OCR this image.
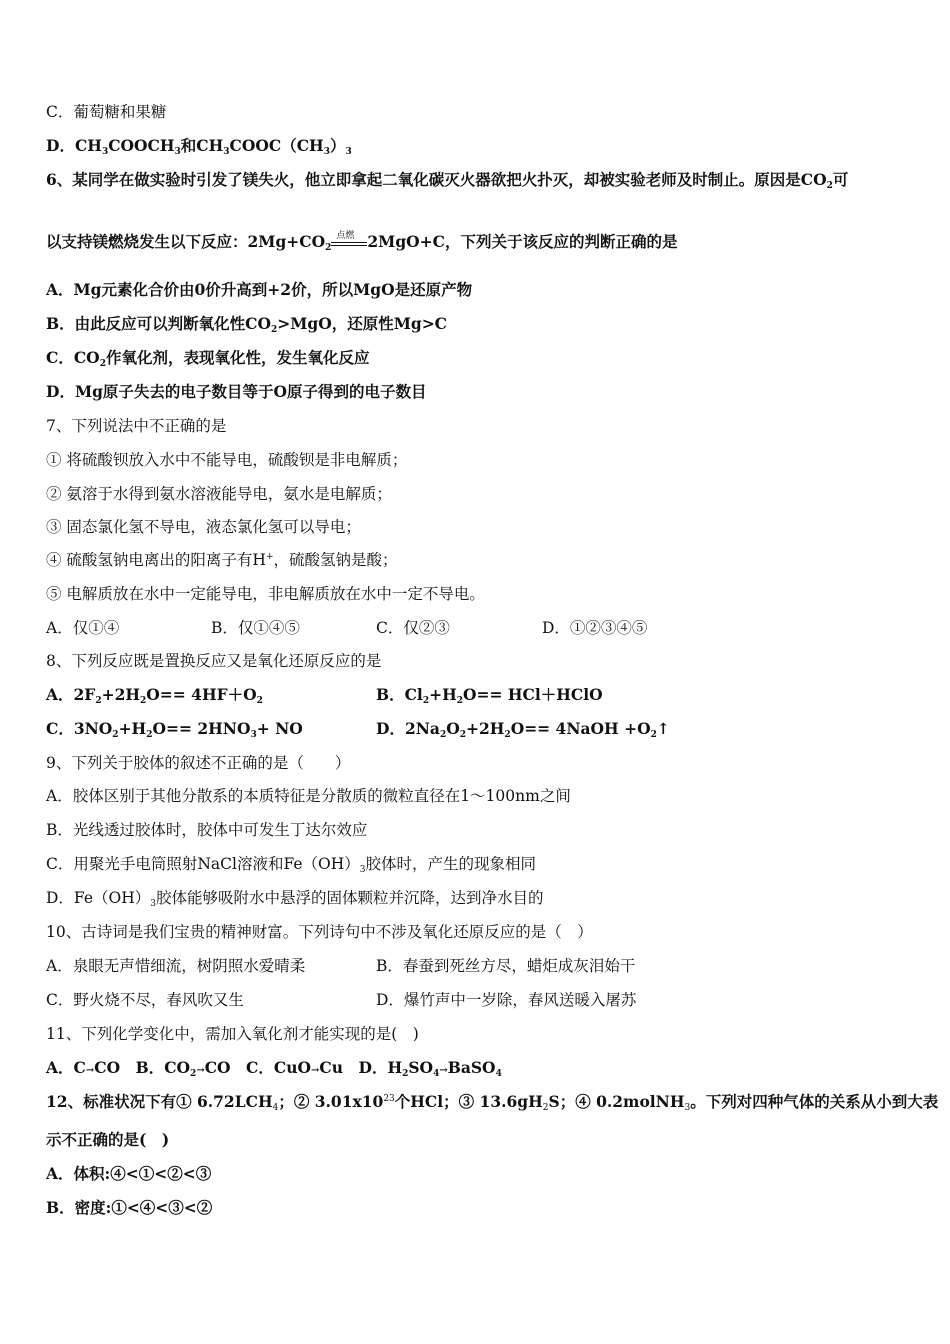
C．葡萄糖和果糖
D．$CH_3COOCH_3$和$CH_3COOC(CH_3)_3$
6、某同学在做实验时引发了镁失火，他立即拿起二氧化碳灭火器欲把火扑灭，却被实验老师及时制止。原因是$CO_2$可
以支持镁燃烧发生以下反应：$2Mg+CO_2$
点燃 2MgO+C，下列关于该反应的判断正确的是
A．Mg元素化合价由0价升高到+2价，所以MgO是还原产物
B．由此反应可以判断氧化性$CO_2>MgO$，还原性Mg>C
C．$CO_2$作氧化剂，表现氧化性，发生氧化反应
D．Mg原子失去的电子数目等于O原子得到的电子数目
7、下列说法中不正确的是
① 将硫酸钡放入水中不能导电，硫酸钡是非电解质；
② 氨溶于水得到氨水溶液能导电，氨水是电解质；
③ 固态氯化氢不导电，液态氯化氢可以导电；
④ 硫酸氢钠电离出的阳离子有H+，硫酸氢钠是酸；
⑤ 电解质放在水中一定能导电，非电解质放在水中一定不导电。
A．仅①④	B．仅①④⑤	C．仅②③	D．①②③④⑤
8、下列反应既是置换反应又是氧化还原反应的是
A．$2F_2+2H_2O== 4HF+O_2$	B．$Cl_2+H_2O==$ HCl＋HClO
C．$3NO_2+H_2O== 2HNO_3+$ NO	D．$2Na_2O_2+2H_2O==$ 4NaOH $+O_2↑$
9、下列关于胶体的叙述不正确的是（　　）
A．胶体区别于其他分散系的本质特征是分散质的微粒直径在1～100nm之间
B．光线透过胶体时，胶体中可发生丁达尔效应
C．用聚光手电筒照射NaCl溶液和$Fe(OH)_3$胶体时，产生的现象相同
D．$Fe(OH)_3$胶体能够吸附水中悬浮的固体颗粒并沉降，达到净水目的
10、古诗词是我们宝贵的精神财富。下列诗句中不涉及氧化还原反应的是（　）
A．泉眼无声惜细流，树阴照水爱晴柔	B．春蚕到死丝方尽，蜡炬成灰泪始干
C．野火烧不尽，春风吹又生	D．爆竹声中一岁除，春风送暖入屠苏
11、下列化学变化中，需加入氧化剂才能实现的是(　)
A．C→CO　B．$CO_2\to CO$　C．CuO→Cu　D．$H_2SO_4\to BaSO_4$
12、标准状况下有① $6.72LCH_4$；② $3.01x10^{23}$个HCl；③ $13.6gH_2S$；④ 0.2molNH$_3$。下列对四种气体的关系从小到大表
示不正确的是(　)
A．体积:④<①<②<③
B．密度:①<④<③<②
